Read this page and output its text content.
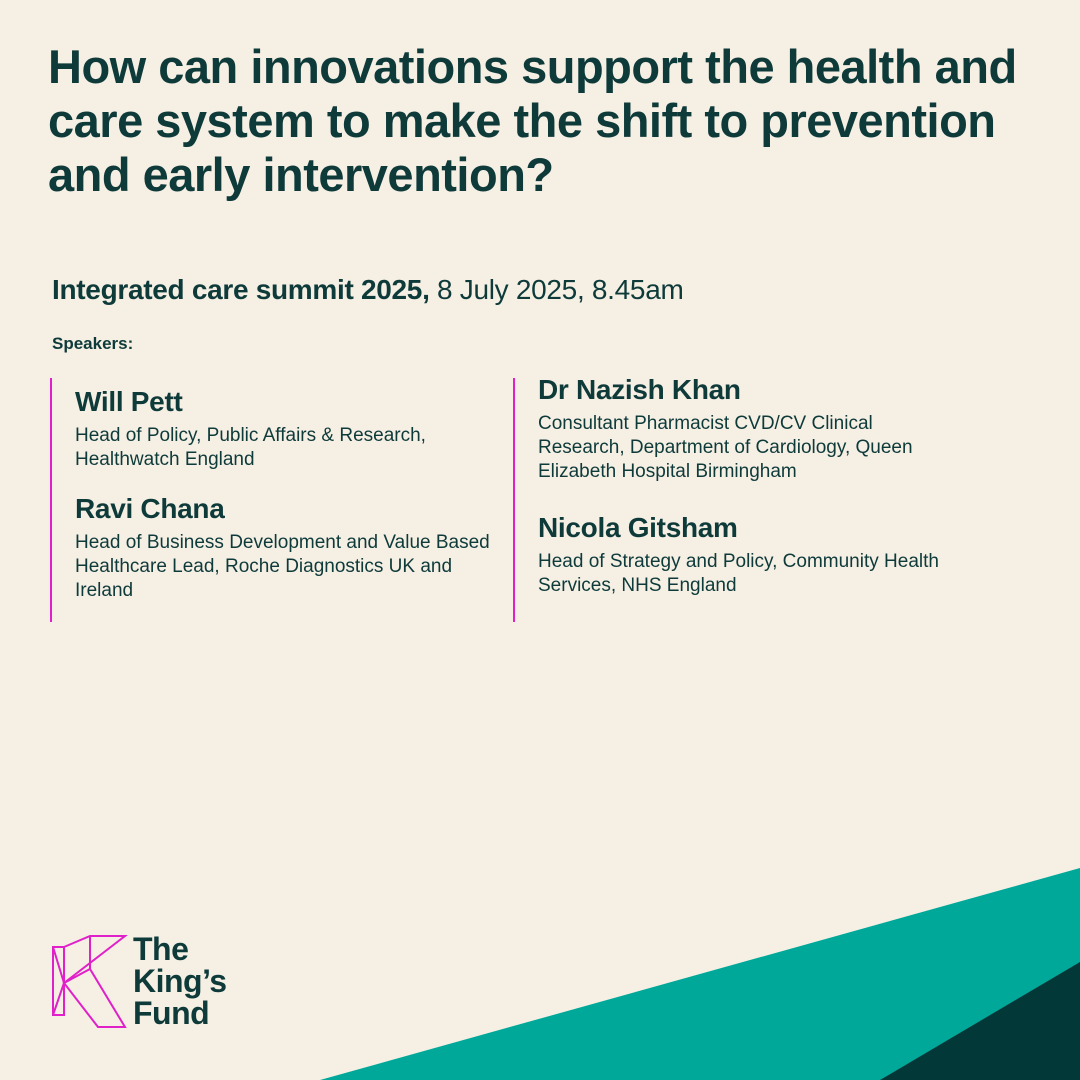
How can innovations support the health and care system to make the shift to prevention and early intervention?
Integrated care summit 2025, 8 July 2025, 8.45am
Speakers:
Will Pett
Head of Policy, Public Affairs & Research, Healthwatch England
Ravi Chana
Head of Business Development and Value Based Healthcare Lead, Roche Diagnostics UK and Ireland
Dr Nazish Khan
Consultant Pharmacist CVD/CV Clinical Research, Department of Cardiology, Queen Elizabeth Hospital Birmingham
Nicola Gitsham
Head of Strategy and Policy, Community Health Services, NHS England
The
King’s
Fund
